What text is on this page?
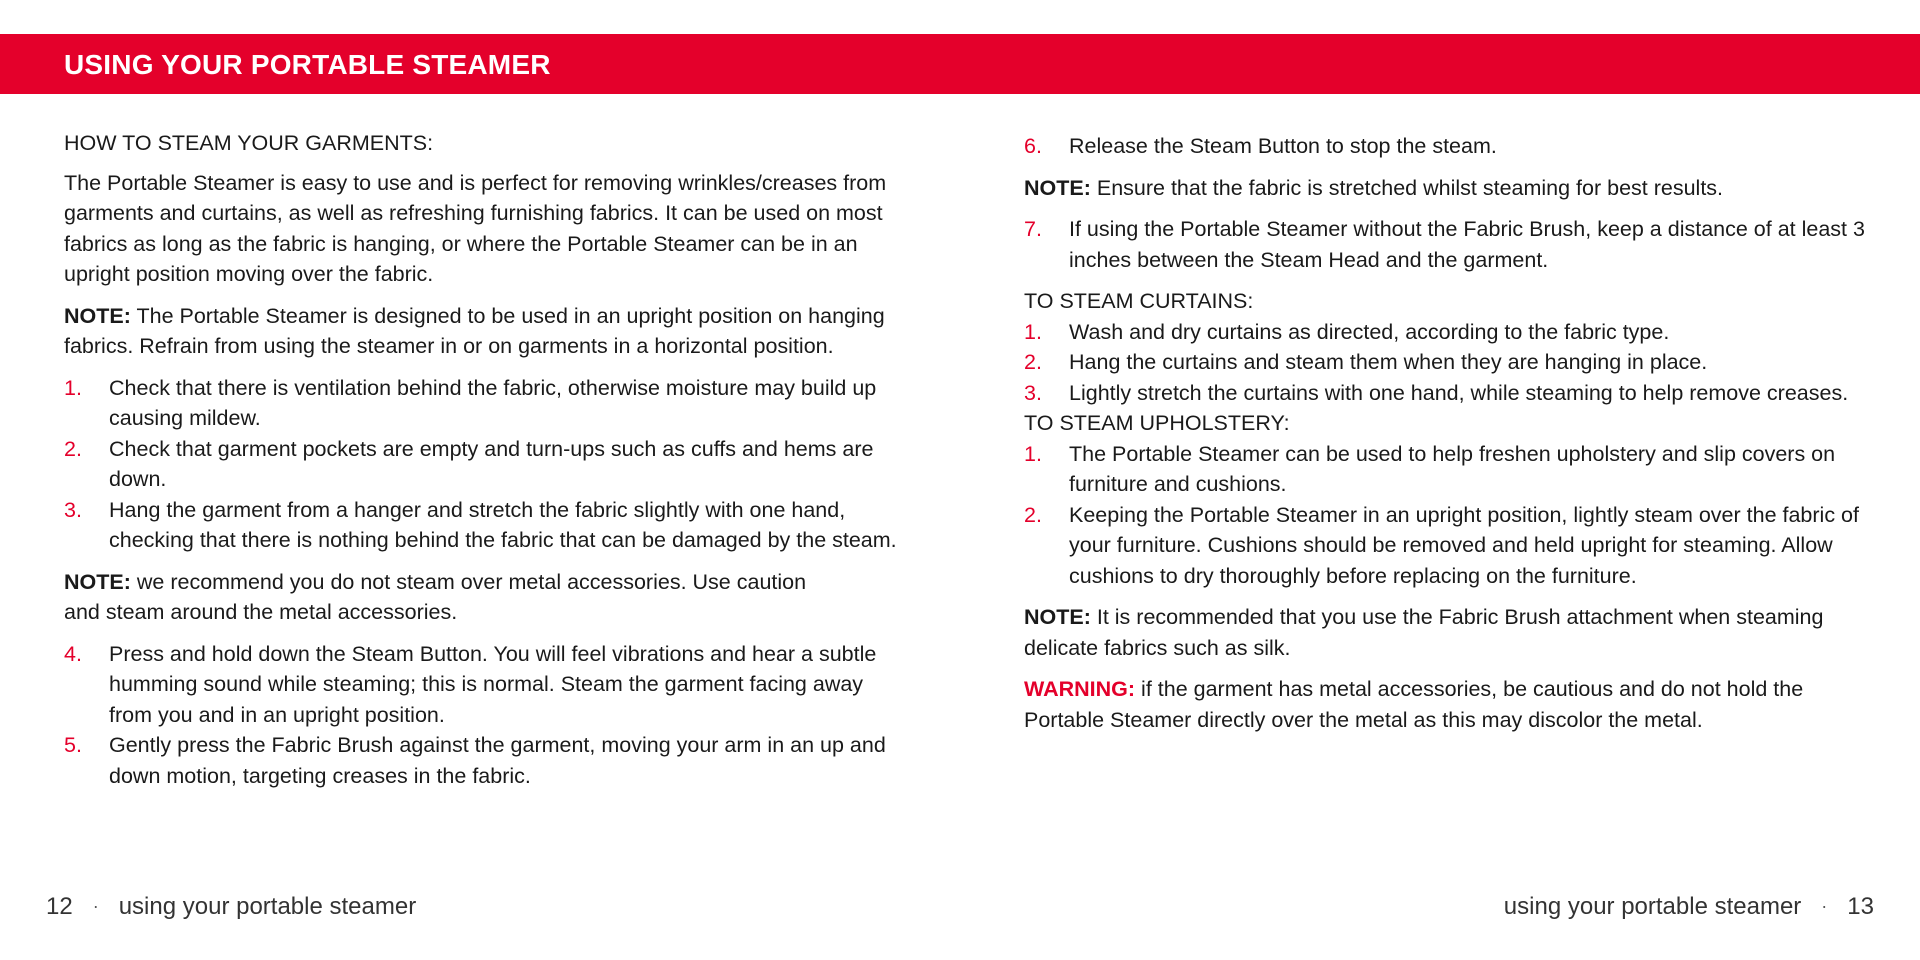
USING YOUR PORTABLE STEAMER

HOW TO STEAM YOUR GARMENTS:

The Portable Steamer is easy to use and is perfect for removing wrinkles/creases from garments and curtains, as well as refreshing furnishing fabrics. It can be used on most fabrics as long as the fabric is hanging, or where the Portable Steamer can be in an upright position moving over the fabric.

NOTE: The Portable Steamer is designed to be used in an upright position on hanging fabrics. Refrain from using the steamer in or on garments in a horizontal position.

1. Check that there is ventilation behind the fabric, otherwise moisture may build up causing mildew.
2. Check that garment pockets are empty and turn-ups such as cuffs and hems are down.
3. Hang the garment from a hanger and stretch the fabric slightly with one hand, checking that there is nothing behind the fabric that can be damaged by the steam.

NOTE: we recommend you do not steam over metal accessories. Use caution and steam around the metal accessories.

4. Press and hold down the Steam Button. You will feel vibrations and hear a subtle humming sound while steaming; this is normal. Steam the garment facing away from you and in an upright position.
5. Gently press the Fabric Brush against the garment, moving your arm in an up and down motion, targeting creases in the fabric.
6. Release the Steam Button to stop the steam.

NOTE: Ensure that the fabric is stretched whilst steaming for best results.

7. If using the Portable Steamer without the Fabric Brush, keep a distance of at least 3 inches between the Steam Head and the garment.

TO STEAM CURTAINS:

1. Wash and dry curtains as directed, according to the fabric type.
2. Hang the curtains and steam them when they are hanging in place.
3. Lightly stretch the curtains with one hand, while steaming to help remove creases.

TO STEAM UPHOLSTERY:

1. The Portable Steamer can be used to help freshen upholstery and slip covers on furniture and cushions.
2. Keeping the Portable Steamer in an upright position, lightly steam over the fabric of your furniture. Cushions should be removed and held upright for steaming. Allow cushions to dry thoroughly before replacing on the furniture.

NOTE: It is recommended that you use the Fabric Brush attachment when steaming delicate fabrics such as silk.

WARNING: if the garment has metal accessories, be cautious and do not hold the Portable Steamer directly over the metal as this may discolor the metal.

12 · using your portable steamer	using your portable steamer · 13
